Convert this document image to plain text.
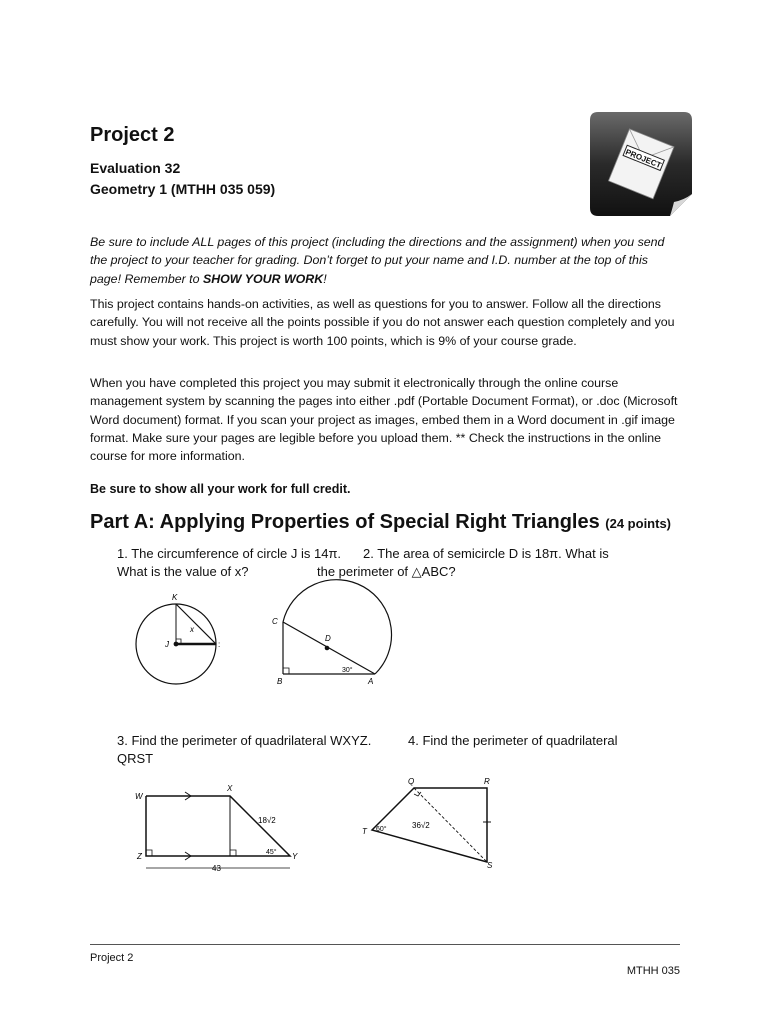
Project 2

Evaluation 32

Geometry 1 (MTHH 035 059)

PROJECT

Be sure to include ALL pages of this project (including the directions and the assignment) when you send the project to your teacher for grading. Don’t forget to put your name and I.D. number at the top of this page! Remember to SHOW YOUR WORK!

This project contains hands-on activities, as well as questions for you to answer. Follow all the directions carefully. You will not receive all the points possible if you do not answer each question completely and you must show your work. This project is worth 100 points, which is 9% of your course grade.

When you have completed this project you may submit it electronically through the online course management system by scanning the pages into either .pdf (Portable Document Format), or .doc (Microsoft Word document) format. If you scan your project as images, embed them in a Word document in .gif image format. Make sure your pages are legible before you upload them. ** Check the instructions in the online course for more information.

Be sure to show all your work for full credit.

Part A: Applying Properties of Special Right Triangles (24 points)

1. The circumference of circle J is 14π.

What is the value of x?

2. The area of semicircle D is 18π. What is

the perimeter of △ABC?

K
x
J	:
C
D
30°
B	A

3. Find the perimeter of quadrilateral WXYZ.

QRST

4. Find the perimeter of quadrilateral

W
X
Z	Y
18√2
45°
43
Q	R
T
S
60°	36√2

Project 2

MTHH 035
